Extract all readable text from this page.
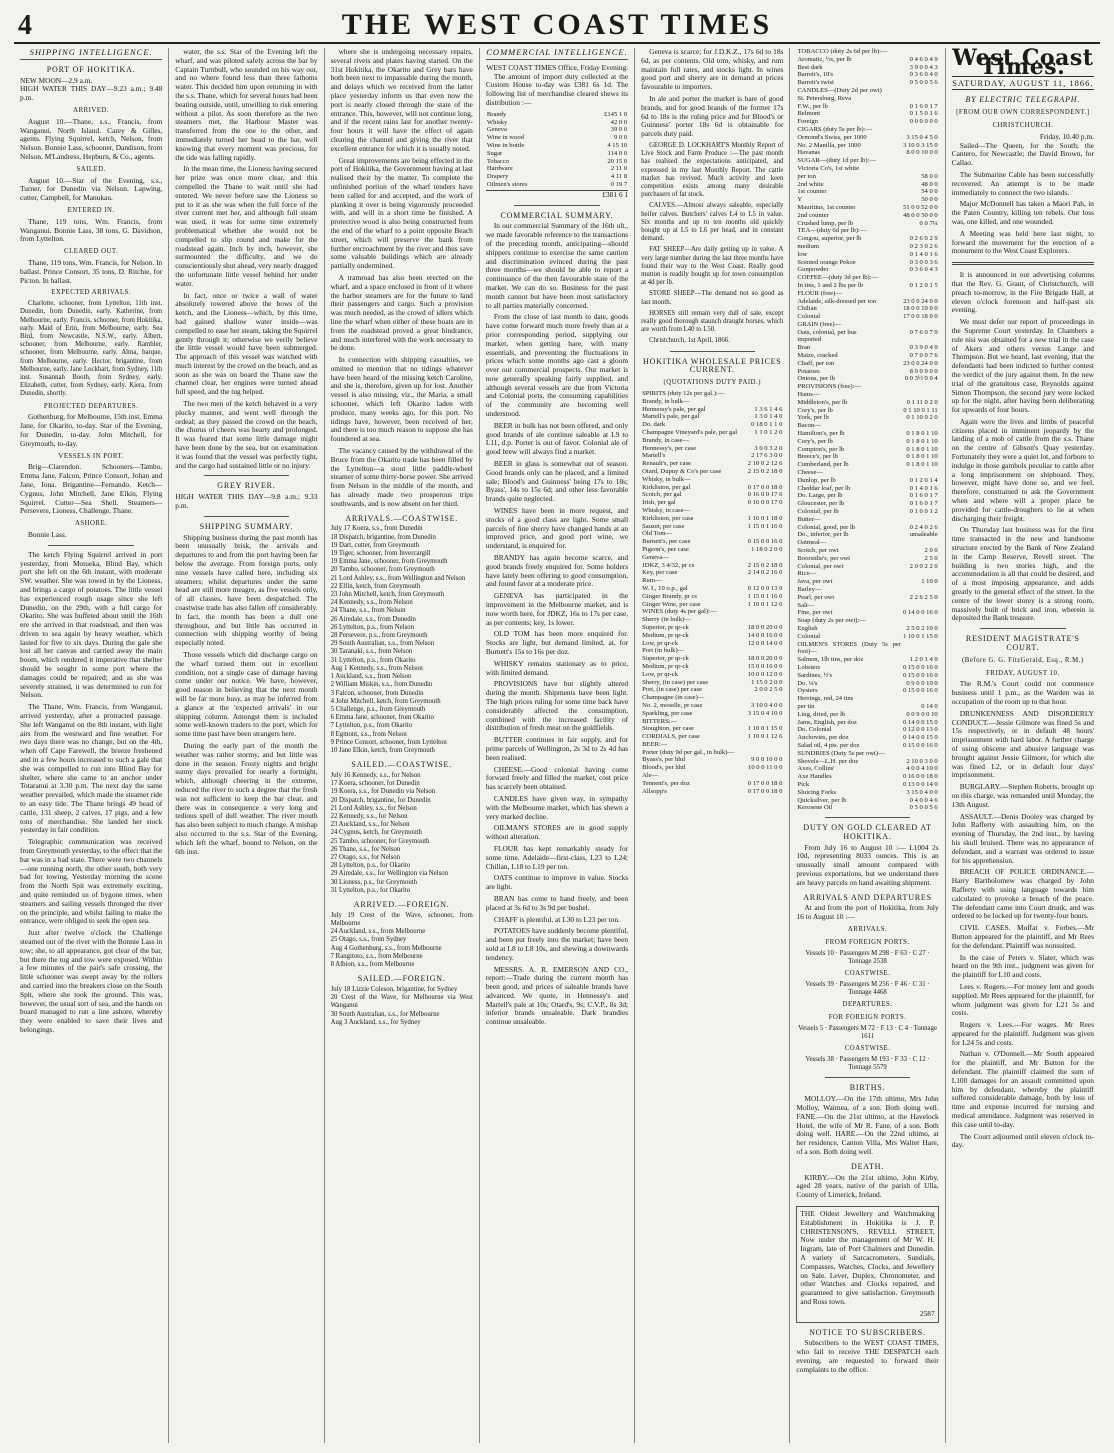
4	THE WEST COAST TIMES
SHIPPING INTELLIGENCE.
PORT OF HOKITIKA.
NEW MOON—2.9 a.m.
HIGH WATER THIS DAY—9.23 a.m.; 9.48 p.m.
ARRIVED.

August 10.—Thane, s.s., Francis, from Wanganui, North Island. Carey & Gilles, agents. Flying Squirrel, ketch, Nelson, from Nelson. Bonnie Lass, schooner, Dandison, from Nelson. M'Landress, Hepburn, & Co., agents.

SAILED.

August 10.—Star of the Evening, s.s., Turner, for Dunedin via Nelson. Lapwing, cutter, Campbell, for Manukau.

ENTERED IN.

Thane, 119 tons, Wm. Francis, from Wanganui. Bonnie Lass, 38 tons, G. Davidson, from Lyttelton.

CLEARED OUT.

Thane, 119 tons, Wm. Francis, for Nelson. In ballast. Prince Consort, 35 tons, D. Ritchie, for Picton. In ballast.

EXPECTED ARRIVALS.

Charlotte, schooner, from Lyttelton, 11th inst. Dunedin, from Dunedin, early. Katherine, from Melbourne, early. Francis, schooner, from Hokitika, early. Maid of Erin, from Melbourne, early. Sea Bird, from Newcastle, N.S.W., early. Albert, schooner, from Melbourne, early. Rambler, schooner, from Melbourne, early. Alma, barque, from Melbourne, early. Hector, brigantine, from Melbourne, early. Jane Lockhart, from Sydney, 11th inst. Susannah Booth, from Sydney, early. Elizabeth, cutter, from Sydney, early. Kiera, from Dunedin, shortly.

PROJECTED DEPARTURES.

Gothenburg, for Melbourne, 15th inst. Emma Jane, for Okarito, to-day. Star of the Evening, for Dunedin, to-day. John Mitchell, for Greymouth, to-day.

VESSELS IN PORT.

Brig—Clarendon. Schooners—Tambo, Emma Jane, Falcon, Prince Consort, Johan and Jane, Iona. Brigantine—Fernando. Ketch—Cygnus, John Mitchell, Jane Elkin, Flying Squirrel. Cutter—Sea Shell. Steamers—Persevere, Lioness, Challenge, Thane.

ASHORE.

Bonnie Lass.

The ketch Flying Squirrel arrived in port yesterday, from Motueka, Blind Bay, which port she left on the 6th instant, with moderate SW. weather. She was towed in by the Lioness, and brings a cargo of potatoes. The little vessel has experienced rough usage since she left Dunedin, on the 29th, with a full cargo for Okarito. She was buffeted about until the 16th ere she arrived in that roadstead, and then was driven to sea again by heavy weather, which lasted for five to six days. During the gale she lost all her canvas and carried away the main boom, which rendered it imperative that shelter should be sought in some port where the damages could be repaired; and as she was severely strained, it was determined to run for Nelson.

The Thane, Wm. Francis, from Wanganui, arrived yesterday, after a protracted passage. She left Wanganui on the 8th instant, with light airs from the westward and fine weather. For two days there was no change, but on the 4th, when off Cape Farewell, the breeze freshened and in a few hours increased to such a gale that she was compelled to run into Blind Bay for shelter, where she came to an anchor under Totaranui at 3.30 p.m. The next day the same weather prevailed, which made the steamer ride to an easy tide. The Thane brings 49 head of cattle, 131 sheep, 2 calves, 17 pigs, and a few tons of merchandise. She landed her stock yesterday in fair condition.

Telegraphic communication was received from Greymouth yesterday, to the effect that the bar was in a bad state. There were two channels—one running north, the other south, both very bad for towing. Yesterday morning the scene from the North Spit was extremely exciting, and quite reminded us of bygone times, when steamers and sailing vessels thronged the river on the principle, and whilst failing to make the entrance, were obliged to seek the open sea.

Just after twelve o'clock the Challenge steamed out of the river with the Bonnie Lass in tow; she, to all appearance, got clear of the bar, but there the tug and tow were exposed. Within a few minutes of the pair's safe crossing, the little schooner was swept away by the rollers and carried into the breakers close on the South Spit, where she took the ground. This was, however, the usual sort of sea, and the hands on board managed to run a line ashore, whereby they were enabled to save their lives and belongings.

water, the s.s. Star of the Evening left the wharf, and was piloted safely across the bar by Captain Turnbull, who sounded on his way out, and no where found less than three fathoms water. This decided him upon returning in with the s.s. Thane, which for several hours had been beating outside, until, unwilling to risk entering without a pilot. As soon therefore as the two steamers met, the Harbour Master was transferred from the one to the other, and immediately turned her head to the bar, well knowing that every moment was precious, for the tide was falling rapidly.

In the mean time, the Lioness having secured her prize was once more clear, and this compelled the Thane to wait until she had entered. We never before saw the Lioness so put to it as she was when the full force of the river current met her, and although full steam was used, it was for some time extremely problematical whether she would not be compelled to slip round and make for the roadstead again. Inch by inch, however, she surmounted the difficulty, and we do conscientiously shut ahead, very nearly dragged the unfortunate little vessel behind her under water.

In fact, once or twice a wall of water absolutely towered above the bows of the ketch, and the Lioness—which, by this time, had gained shallow water inside—was compelled to ease her steam, taking the Squirrel gently through it; otherwise we verily believe the little vessel would have been submerged. The approach of this vessel was watched with much interest by the crowd on the beach, and as soon as she was on board the Thane saw the channel clear, her engines were turned ahead full speed, and the tug helped.

The two men of the ketch behaved in a very plucky manner, and went well through the ordeal; as they passed the crowd on the beach, the chorus of cheers was hearty and prolonged. It was feared that some little damage might have been done by the sea, but on examination it was found that the vessel was perfectly tight, and the cargo had sustained little or no injury.

GREY RIVER.
HIGH WATER THIS DAY—9.8 a.m.; 9.33 p.m.
SHIPPING SUMMARY.

Shipping business during the past month has been unusually brisk, the arrivals and departures to and from the port having been far below the average. From foreign ports, only nine vessels have called here, including six steamers; whilst departures under the same head are still more meagre, as five vessels only, of all classes, have been despatched. The coastwise trade has also fallen off considerably. In fact, the month has been a dull one throughout, and but little has occurred in connection with shipping worthy of being especially noted.

Those vessels which did discharge cargo on the wharf turned them out in excellent condition, not a single case of damage having come under our notice. We have, however, good reason in believing that the next month will be far more busy, as may be inferred from a glance at the 'expected arrivals' in our shipping column. Amongst them is included some well-known traders to the port, which for some time past have been strangers here.

During the early part of the month the weather was rather stormy, and but little was done in the season. Frosty nights and bright sunny days prevailed for nearly a fortnight, which, although cheering in the extreme, reduced the river to such a degree that the fresh was not sufficient to keep the bar clear, and there was in consequence a very long and tedious spell of dull weather. The river mouth has also been subject to much change. A mishap also occurred to the s.s. Star of the Evening, which left the wharf, bound to Nelson, on the 6th inst.

where she is undergoing necessary repairs, several rivets and plates having started. On the 31st Hokitika, the Okarito and Grey bars have both been next to impassable during the month, and delays which we received from the latter place yesterday inform us that even now the port is nearly closed through the state of the entrance. This, however, will not continue long, and if the recent rains last for another twenty-four hours it will have the effect of again clearing the channel and giving the river that excellent entrance for which it is usually noted.

Great improvements are being effected in the port of Hokitika, the Government having at last realised their by the matter. To complete the unfinished portion of the wharf tenders have been called for and accepted, and the work of planking it over is being vigorously proceeded with, and will in a short time be finished. A protective wood is also being constructed from the end of the wharf to a point opposite Beach street, which will preserve the bank from further encroachment by the river and thus save some valuable buildings which are already partially undermined.

A tramroad has also been erected on the wharf, and a space enclosed in front of it where the harbor steamers are for the future to land their passengers and cargo. Such a provision was much needed, as the crowd of idlers which line the wharf when either of these boats are in from the roadstead proved a great hindrance, and much interfered with the work necessary to be done.

In connection with shipping casualties, we omitted to mention that no tidings whatever have been heard of the missing ketch Caroline, and she is, therefore, given up for lost. Another vessel is also missing, viz., the Maria, a small schooner, which left Okarito laden with produce, many weeks ago, for this port. No tidings have, however, been received of her, and there is too much reason to suppose she has foundered at sea.

The vacancy caused by the withdrawal of the Bruce from the Okarito trade has been filled by the Lyttelton—a stout little paddle-wheel steamer of some thirty-horse power. She arrived from Nelson in the middle of the month, and has already made two prosperous trips southwards, and is now absent on her third.

ARRIVALS.—COASTWISE.
July 17 Koera, s.s., from Dunedin
18 Dispatch, brigantine, from Dunedin
19 Dart, cutter, from Greymouth
19 Tiger, schooner, from Invercargill
19 Emma Jane, schooner, from Greymouth
20 Tambo, schooner, from Greymouth
21 Lord Ashley, s.s., from Wellington and Nelson
22 Elfin, ketch, from Greymouth
23 John Mitchell, ketch, from Greymouth
24 Kennedy, s.s., from Nelson
24 Thane, s.s., from Nelson
26 Airedale, s.s., from Dunedin
26 Lyttelton, p.s., from Nelson
28 Persevere, p.s., from Greymouth
29 South Australian, s.s., from Nelson
30 Taranaki, s.s., from Nelson
31 Lyttelton, p.s., from Okarito
Aug 1 Kennedy, s.s., from Nelson
1 Auckland, s.s., from Nelson
2 William Miskin, s.s., from Dunedin
3 Falcon, schooner, from Dunedin
4 John Mitchell, ketch, from Greymouth
5 Challenge, p.s., from Greymouth
6 Emma Jane, schooner, from Okarito
7 Lyttelton, p.s., from Okarito
8 Egmont, s.s., from Nelson
9 Prince Consort, schooner, from Lyttelton
10 Jane Elkin, ketch, from Greymouth
SAILED.—COASTWISE.
July 16 Kennedy, s.s., for Nelson
17 Koera, schooner, for Dunedin
19 Koera, s.s., for Dunedin via Nelson
20 Dispatch, brigantine, for Dunedin
21 Lord Ashley, s.s., for Nelson
22 Kennedy, s.s., for Nelson
23 Auckland, s.s., for Nelson
24 Cygnus, ketch, for Greymouth
25 Tambo, schooner, for Greymouth
26 Thane, s.s., for Nelson
27 Otago, s.s., for Nelson
28 Lyttelton, p.s., for Okarito
29 Airedale, s.s., for Wellington via Nelson
30 Lioness, p.s., for Greymouth
31 Lyttelton, p.s., for Okarito
ARRIVED.—FOREIGN.
July 19 Crest of the Wave, schooner, from Melbourne
24 Auckland, s.s., from Melbourne
25 Otago, s.s., from Sydney
Aug 4 Gothenburg, s.s., from Melbourne
7 Rangitoto, s.s., from Melbourne
8 Albion, s.s., from Melbourne
SAILED.—FOREIGN.
July 18 Lizzie Coleson, brigantine, for Sydney
20 Crest of the Wave, for Melbourne via West Wanganui
30 South Australian, s.s., for Melbourne
Aug 3 Auckland, s.s., for Sydney
COMMERCIAL INTELLIGENCE.
WEST COAST TIMES Office, Friday Evening.

The amount of import duty collected at the Custom House to-day was £381 6s 1d. The following list of merchandise cleared shews its distribution :—

Brandy	£145 1 0
Whisky	42 0 0
Geneva	39 0 0
Wine in wood	9 0 0
Wine in bottle	4 15 10
Sugar	114 0 0
Tobacco	20 15 0
Hardware	2 11 0
Drapery	4 11 8
Oilmen's stores	0 19 7
£381 6 1
COMMERCIAL SUMMARY.

In our commercial Summary of the 16th ult., we made favorable reference to the transactions of the preceding month, anticipating—should shippers continue to exercise the same caution and discrimination evinced during the past three months—we should be able to report a continuance of the then favourable state of the market. We can do so. Business for the past month cannot but have been most satisfactory to all parties materially concerned.

From the close of last month to date, goods have come forward much more freely than at a prior corresponding period, supplying our market, when getting bare, with many essentials, and preventing the fluctuations in prices which some months ago cast a gloom over our commercial prospects. Our market is now generally speaking fairly supplied, and although several vessels are due from Victoria and Colonial ports, the consuming capabilities of the community are becoming well understood.

BEER in bulk has not been offered, and only good brands of ale continue saleable at L9 to L11, d.p. Porter is out of favor. Colonial ale of good brew will always find a market.

BEER in glass is somewhat out of season. Good brands only can be placed, and a limited sale; Blood's and Guinness' being 17s to 18s; Byass', 14s to 15s 6d; and other less favorable brands quite neglected.

WINES have been in more request, and stocks of a good class are light. Some small parcels of fine sherry have changed hands at an improved price, and good port wine, we understand, is enquired for.

BRANDY has again become scarce, and good brands freely enquired for. Some holders have lately been offering to good consumption, and found favor at a moderate price.

GENEVA has participated in the improvement in the Melbourne market, and is now worth here, for JDKZ, 16s to 17s per case, as per contents; key, 1s lower.

OLD TOM has been more enquired for. Stocks are light, but demand limited, at, for Burnett's 15s to 16s per doz.

WHISKY remains stationary as to price, with limited demand.

PROVISIONS have but slightly altered during the month. Shipments have been light. The high prices ruling for some time back have considerably affected the consumption, combined with the increased facility of distribution of fresh meat on the goldfields.

BUTTER continues in fair supply, and for prime parcels of Wellington, 2s 3d to 2s 4d has been realised.

CHEESE.—Good colonial having come forward freely and filled the market, cost price has scarcely been obtained.

CANDLES have given way, in sympathy with the Melbourne market, which has shewn a very marked decline.

OILMAN'S STORES are in good supply without alteration.

FLOUR has kept remarkably steady for some time. Adelaide—first-class, L23 to L24; Chilian, L18 to L19 per ton.

OATS continue to improve in value. Stocks are light.

BRAN has come to hand freely, and been placed at 3s 6d to 3s 9d per bushel.

CHAFF is plentiful, at L30 to L23 per ton.

POTATOES have suddenly become plentiful, and been put freely into the market; have been sold at L8 to L8 10s, and shewing a downwards tendency.

MESSRS. A. R. EMERSON AND CO., report:—Trade during the current month has been good, and prices of saleable brands have advanced. We quote, in Hennessy's and Martell's pale at 10s; Otard's, 9s; C.V.P., 8s 3d; inferior brands unsaleable. Dark brandies continue unsaleable.

Geneva is scarce; for J.D.K.Z., 17s 6d to 18s 6d, as per contents. Old tom, whisky, and rum maintain full rates, and stocks light. In wines good port and sherry are in demand at prices favourable to importers.

In ale and porter the market is bare of good brands, and for good brands of the former 17s 6d to 18s is the ruling price and for Blood's or Guinness' porter 18s 6d is obtainable for parcels duty paid.

GEORGE D. LOCKHART'S Monthly Report of Live Stock and Farm Produce :—The past month has realised the expectations anticipated, and expressed in my last Monthly Report. The cattle market has revived. Much activity and keen competition exists among many desirable purchasers of fat stock.

CALVES.—Almost always saleable, especially heifer calves. Butchers' calves L4 to L5 in value. Six months and up to ten months old quickly bought up at L5 to L6 per head, and in constant demand.

FAT SHEEP—Are daily getting up in value. A very large number during the last three months have found their way to the West Coast. Really good mutton is readily bought up for town consumption at 4d per lb.

STORE SHEEP—The demand not so good as last month.

HORSES still remain very dull of sale, except really good thorough staunch draught horses, which are worth from L40 to L50.

Christchurch, 1st April, 1866.

HOKITIKA WHOLESALE PRICES CURRENT.
(QUOTATIONS DUTY PAID.)
SPIRITS (duty 12s per gal.):—	
Brandy, in bulk—	
Hennessy's pale, per gal	1 3 6 1 4 6
Martell's pale, per gal	1 3 0 1 4 0
Do. dark	0 18 0 1 1 0
Champagne Vineyard's pale, per gal	1 1 0 1 2 0
Brandy, in case—	
Hennessy's, per case	3 0 0 3 2 0
Martell's	2 17 6 3 0 0
Renault's, per case	2 10 0 2 12 6
Otard, Dupuy & Co's per case	2 15 0 2 18 0
Whisky, in bulk—	
Kirkliston, per gal	0 17 0 0 18 0
Scotch, per gal	0 16 0 0 17 6
Irish, per gal	0 16 0 0 17 0
Whisky, in case—	
Kirkliston, per case	1 16 0 1 18 0
Sauzet, per case	1 15 0 1 16 0
Old Tom—	
Burnett's, per case	0 15 0 0 16 0
Pigeon's, per case	1 18 0 2 0 0
Geneva—	
JDKZ, 3 4/32, pr cs	2 15 0 2 18 0
Key, per case	2 14 0 2 16 0
Rum—	
W. I., 10 o.p., gal	0 12 0 0 13 0
Ginger Brandy, pr cs	1 15 0 1 16 0
Ginger Wine, per case	1 10 0 1 12 0
WINES (duty 4s per gal):—	
Sherry (in bulk)—	
Superior, pr qr-ck	18 0 0 20 0 0
Medium, pr qr-ck	14 0 0 16 0 0
Low, pr qr-ck	12 0 0 14 0 0
Port (in bulk)—	
Superior, pr qr-ck	18 0 0 20 0 0
Medium, pr qr-ck	15 0 0 16 0 0
Low, pr qr-ck	10 0 0 12 0 0
Sherry, (in case) per case	1 15 0 2 0 0
Port, (in case) per case	2 0 0 2 5 0
Champagne (in case)—	
No. 2, moselle, pr case	3 10 0 4 0 0
Sparkling, per case	3 15 0 4 10 0
BITTERS:—	
Stoughton, per case	1 10 0 1 15 0
CORDIALS, per case	1 10 0 1 12 6
BEER:—	
Porter (duty 9d per gal., in bulk)—	
Byass's, per hhd	9 0 0 10 0 0
Blood's, per hhd	10 0 0 11 0 0
Ale—	
Tennent's, per doz	0 17 0 0 18 0
Allsopp's	0 17 0 0 18 0
TOBACCO (duty 2s 6d per lb):—	
Aromatic, ½s, per lb	0 4 6 0 4 9
Best dark	3 9 0 0 4 3
Barrett's, 10's	0 3 6 0 4 0
Barrett's twist	0 5 0 0 5 6
CANDLES—(Duty 2d per owt)	
St. Petersburg, Reva	
F.W., per lb	0 1 6 0 1 7
Belmont	0 1 5 0 1 6
Foreign	0 0 0 0 0 0
CIGARS (duty 5s per lb):—	
Ormond's Swiss, per 1000	3 15 0 4 5 0
No. 2 Manilla, per 1000	3 10 0 3 15 0
Havanas	8 0 0 10 0 0
SUGAR—(duty 1d per lb):—	
Victoria Co's, 1st white	
per ton	58 0 0
2nd white	48 0 0
1st counter	54 0 0
Y	50 0 0
Mauritius, 1st counter	51 0 0 52 0 0
2nd counter	48 0 0 50 0 0
Crushed lump, per lb	0 0 7¼
TEA—(duty 6d per lb):—	
Congou, superior, per lb	0 2 6 0 2 9
medium	0 2 3 0 2 6
low	0 1 4 0 1 6
Scented orange Pekoe	0 3 0 0 3 6
Gunpowder	0 3 6 0 4 3
COFFEE—(duty 3d per lb):—	
In tins, 1 and 2 lbs per lb	0 1 2 0 1 5
FLOUR (free)—	
Adelaide, silk-dressed per ton	23 0 0 24 0 0
Chilian	18 0 0 19 0 0
Colonial	17 0 0 18 0 0
GRAIN (free)—	
Oats, colonial, per bus	0 7 6 0 7 9
imported	
Bran	0 3 9 0 4 0
Maize, cracked	0 7 0 0 7 6
Chaff, per ton	23 0 0 24 0 0
Potatoes	8 0 0 9 0 0
Onions, per lb	0 0 3½ 0 0 4
PROVISIONS (free):—	
Hams—	
Middleton's, per lb	0 1 11 0 2 0
Cory's, per lb	0 1 10 0 1 11
York, per lb	0 1 10 0 2 0
Bacon—	
Hamilton's, per lb	0 1 8 0 1 10
Cory's, per lb	0 1 8 0 1 10
Compton's, per lb	0 1 8 0 1 10
Breece's, per lb	0 1 8 0 1 10
Cumberland, per lb	0 1 8 0 1 10
Cheese—	
Dunlop, per lb	0 1 2 0 1 4
Cheddar loaf, per lb	0 1 4 0 1 6
Do. Large, per lb	0 1 6 0 1 7
Gloucester, per lb	0 1 6 0 1 7
Colonial, per lb	0 1 0 0 1 2
Butter—	
Colonial, good, per lb	0 2 4 0 2 6
Do., inferior, per lb	unsaleable
Oatmeal—	
Scotch, per owt	2 0 0
Boorsidie's, per owt	2 5 0
Colonial, per owt	2 0 0 2 2 0
Rice—	
Java, per owt	1 10 0
Barley—	
Pearl, per owt	2 2 6 2 5 0
Salt—	
Fine, per owt	0 14 0 0 16 0
Soap (duty 2s per owt):—	
English	2 5 0 2 10 0
Colonial	1 10 0 1 15 0
OILMEN'S STORES (Duty 5s per foot)—	
Salmon, 1lb tins, per doz	1 2 0 1 4 0
Lobsters	0 15 0 0 16 0
Sardines, ½'s	0 15 0 0 16 0
Do. ¼'s	0 9 0 0 10 0
Oysters	0 15 0 0 16 0
Herrings, red, 24 tins	
per tin	0 14 0
Ling, dried, per lb	0 0 9 0 0 10
Jams, English, per doz	0 14 0 0 15 0
Do. Colonial	0 12 0 0 13 0
Anchovies, per doz	0 14 0 0 15 0
Salad oil, 4 pts. per doz	0 15 0 0 16 0
SUNDRIES (Duty 5s per owt)—	
Shovels—L.H. per doz	2 10 0 3 0 0
Axes, Collins'	4 0 0 4 10 0
Axe Handles	0 16 0 0 18 0
Pick	0 13 0 0 14 0
Sluicing Forks	3 15 0 4 0 0
Quicksilver, per lb	0 4 0 0 4 6
Kerosene Oil	0 5 0 0 5 6
DUTY ON GOLD CLEARED AT HOKITIKA.

From July 16 to August 10 :— L1004 2s 10d, representing 8033 ounces. This is an unusually small amount compared with previous exportations, but we understand there are heavy parcels on hand awaiting shipment.

ARRIVALS AND DEPARTURES

At and from the port of Hokitika, from July 16 to August 10 :—

ARRIVALS.
FROM FOREIGN PORTS.
Vessels 10 · Passengers M 298 · F 63 · C 27 · Tonnage 2538
COASTWISE.
Vessels 39 · Passengers M 256 · F 46 · C 31 · Tonnage 4468
DEPARTURES.
FOR FOREIGN PORTS.
Vessels 5 · Passengers M 72 · F 13 · C 4 · Tonnage 1611
COASTWISE.
Vessels 38 · Passengers M 193 · F 33 · C 12 · Tonnage 5579
BIRTHS.

MOLLOY.—On the 17th ultimo, Mrs John Molloy, Waimea, of a son. Both doing well. FANE.—On the 21st ultimo, at the Havelock Hotel, the wife of Mr R. Fane, of a son. Both doing well. HARE.—On the 22nd ultimo, at her residence, Canton Villa, Mrs Walter Hare, of a son. Both doing well.

DEATH.

KIRBY.—On the 21st ultimo, John Kirby, aged 28 years, native of the parish of Ulla, County of Limerick, Ireland.

THE Oldest Jewellery and Watchmaking Establishment in Hokitika is J. P. CHRISTENSON'S, REVELL STREET, Now under the management of Mr W. H. Ingram, late of Port Chalmers and Dunedin. A variety of Sarcacrometers, Sundials, Compasses, Watches, Clocks, and Jewellery on Sale. Lever, Duplex, Chronometer, and other Watches and Clocks repaired, and guaranteed to give satisfaction. Greymouth and Ross town.

2587
NOTICE TO SUBSCRIBERS.

Subscribers to the WEST COAST TIMES, who fail to receive THE DESPATCH each evening, are requested to forward their complaints to the office.

West Coast Times.
SATURDAY, AUGUST 11, 1866.
BY ELECTRIC TELEGRAPH.
[FROM OUR OWN CORRESPONDENT.]
CHRISTCHURCH.
Friday, 10.40 p.m.

Sailed—The Queen, for the South; the Cantero, for Newcastle; the David Brown, for Callao.

The Submarine Cable has been successfully recovered. An attempt is to be made immediately to connect the two islands.

Major McDonnell has taken a Maori Pah, in the Paten Country, killing ten rebels. Our loss was, one killed, and one wounded.

A Meeting was held here last night, to forward the movement for the erection of a monument to the West Coast Explorers.

It is announced in our advertising columns that the Rev. G. Grant, of Christchurch, will preach to-morrow, in the Fire Brigade Hall, at eleven o'clock forenoon and half-past six evening.

We must defer our report of proceedings in the Supreme Court yesterday. In Chambers a rule nisi was obtained for a new trial in the case of Akers and others versus Lange and Thompson. But we heard, last evening, that the defendants had been indicted to further contest the verdict of the jury against them. In the new trial of the gratuitous case, Reynolds against Simon Thompson, the second jury were locked up for the night, after having been deliberating for upwards of four hours.

Again were the lives and limbs of peaceful citizens placed in imminent jeopardy by the landing of a mob of cattle from the s.s. Thane on the centre of Gibson's Quay yesterday. Fortunately they were a quiet lot, and forbore to indulge in those gambols peculiar to cattle after a long imprisonment on shipboard. They, however, might have done so, and we feel, therefore, constrained to ask the Government when and where will a proper place be provided for cattle-droughers to lie at when discharging their freight.

On Thursday last business was for the first time transacted in the new and handsome structure erected by the Bank of New Zealand in the Camp Reserve, Revell street. The building is two stories high, and the accommodation is all that could be desired, and of a most imposing appearance, and adds greatly to the general effect of the street. In the centre of the lower storey is a strong room, massively built of brick and iron, wherein is deposited the Bank treasure.

RESIDENT MAGISTRATE'S COURT.
(Before G. G. FitzGerald, Esq., R.M.)
FRIDAY, AUGUST 10.

The R.M.'s Court could not commence business until 1 p.m., as the Warden was in occupation of the room up to that hour.

DRUNKENNESS AND DISORDERLY CONDUCT.—Jessie Gilmore was fined 5s and 15s respectively, or in default 48 hours' imprisonment with hard labor. A further charge of using obscene and abusive language was brought against Jessie Gilmore, for which she was fined L2, or in default four days' imprisonment.

BURGLARY.—Stephen Roberts, brought up on this charge, was remanded until Monday, the 13th August.

ASSAULT.—Denis Dooley was charged by John Rafferty with assaulting him, on the evening of Thursday, the 2nd inst., by having his skull bruised. There was no appearance of defendant, and a warrant was ordered to issue for his apprehension.

BREACH OF POLICE ORDINANCE.—Harry Bartholomew was charged by John Rafferty with using language towards him calculated to provoke a breach of the peace. The defendant came into Court drunk, and was ordered to be locked up for twenty-four hours.

CIVIL CASES. Moffat v. Forbes.—Mr Button appeared for the plaintiff, and Mr Rees for the defendant. Plaintiff was nonsuited.

In the case of Peters v. Slater, which was heard on the 9th inst., judgment was given for the plaintiff for L10 and costs.

Lees v. Rogers.—For money lent and goods supplied. Mr Rees appeared for the plaintiff, for whom judgment was given for L21 5s and costs.

Rogers v. Lees.—For wages. Mr Rees appeared for the plaintiff. Judgment was given for L24 5s and costs.

Nathan v. O'Donnell.—Mr South appeared for the plaintiff, and Mr Button for the defendant. The plaintiff claimed the sum of L100 damages for an assault committed upon him by defendant, whereby the plaintiff suffered considerable damage, both by loss of time and expense incurred for nursing and medical attendance. Judgment was reserved in this case until to-day.

The Court adjourned until eleven o'clock to-day.
